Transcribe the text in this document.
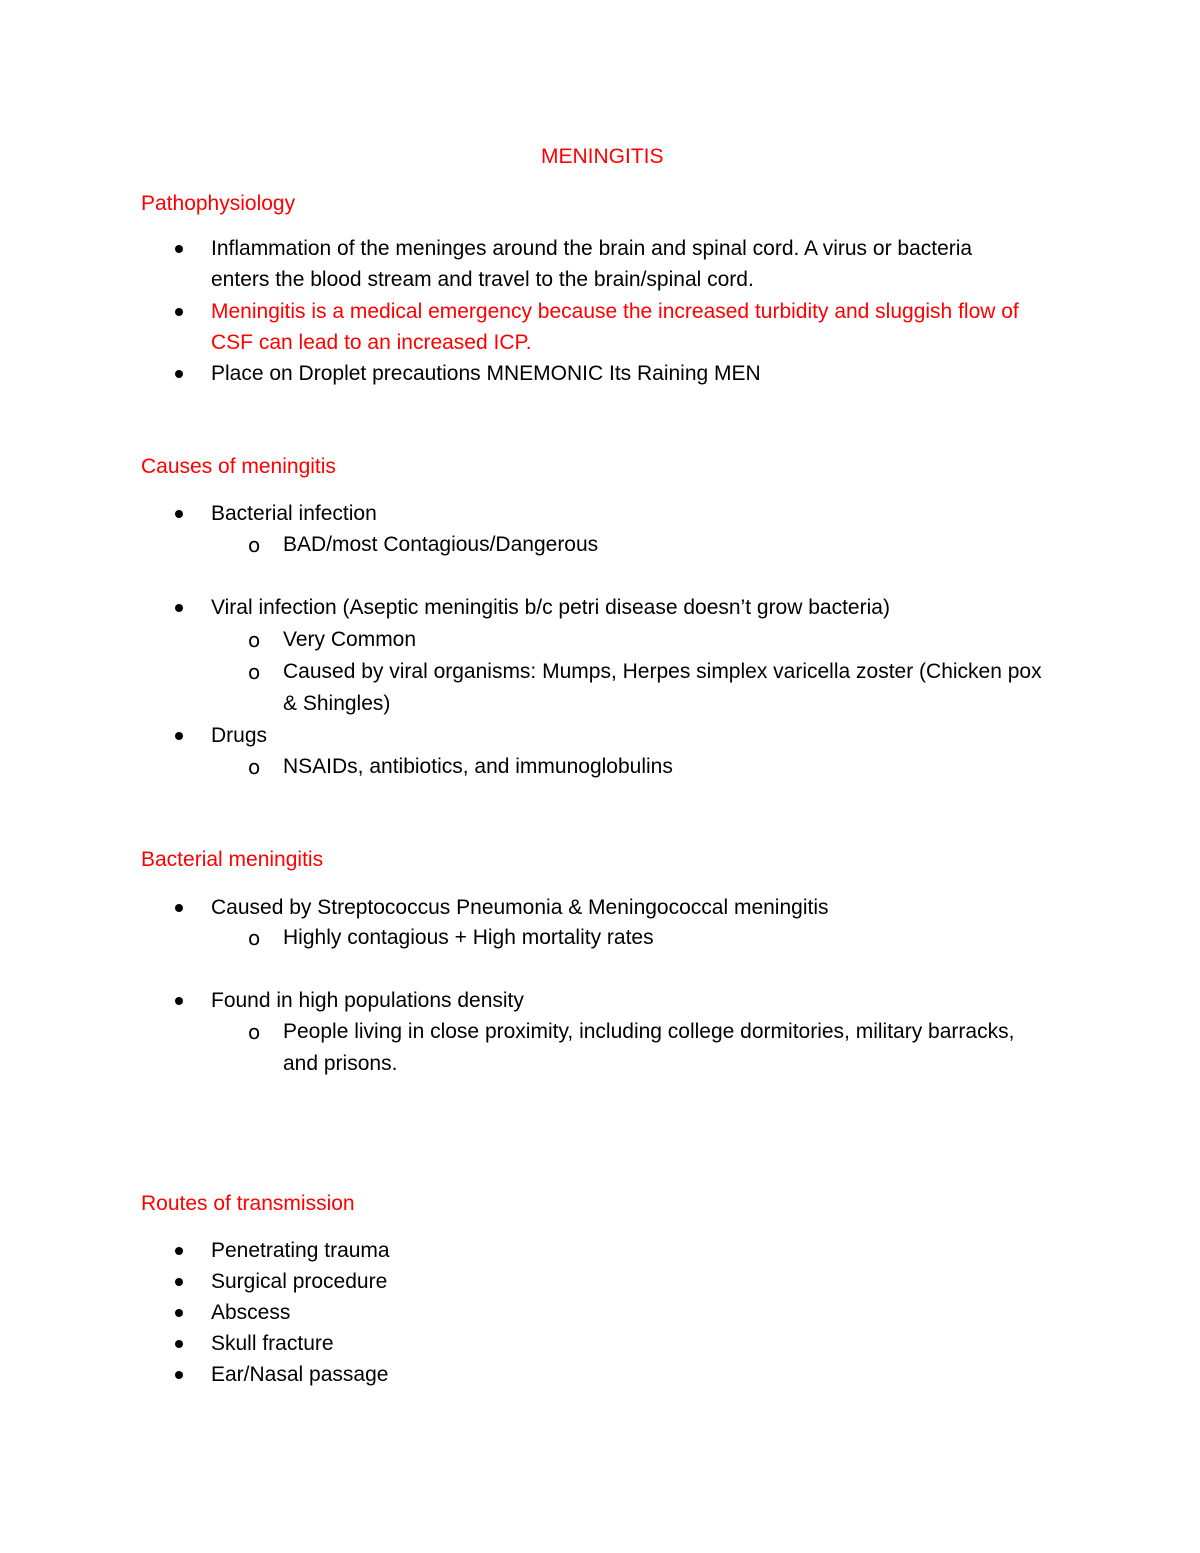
MENINGITIS
Pathophysiology
Inflammation of the meninges around the brain and spinal cord. A virus or bacteria
enters the blood stream and travel to the brain/spinal cord.
Meningitis is a medical emergency because the increased turbidity and sluggish flow of
CSF can lead to an increased ICP.
Place on Droplet precautions MNEMONIC Its Raining MEN
Causes of meningitis
Bacterial infection
o BAD/most Contagious/Dangerous
Viral infection (Aseptic meningitis b/c petri disease doesn’t grow bacteria)
o Very Common
o Caused by viral organisms: Mumps, Herpes simplex varicella zoster (Chicken pox
& Shingles)
Drugs
o NSAIDs, antibiotics, and immunoglobulins
Bacterial meningitis
Caused by Streptococcus Pneumonia & Meningococcal meningitis
o Highly contagious + High mortality rates
Found in high populations density
o People living in close proximity, including college dormitories, military barracks,
and prisons.
Routes of transmission
Penetrating trauma
Surgical procedure
Abscess
Skull fracture
Ear/Nasal passage
